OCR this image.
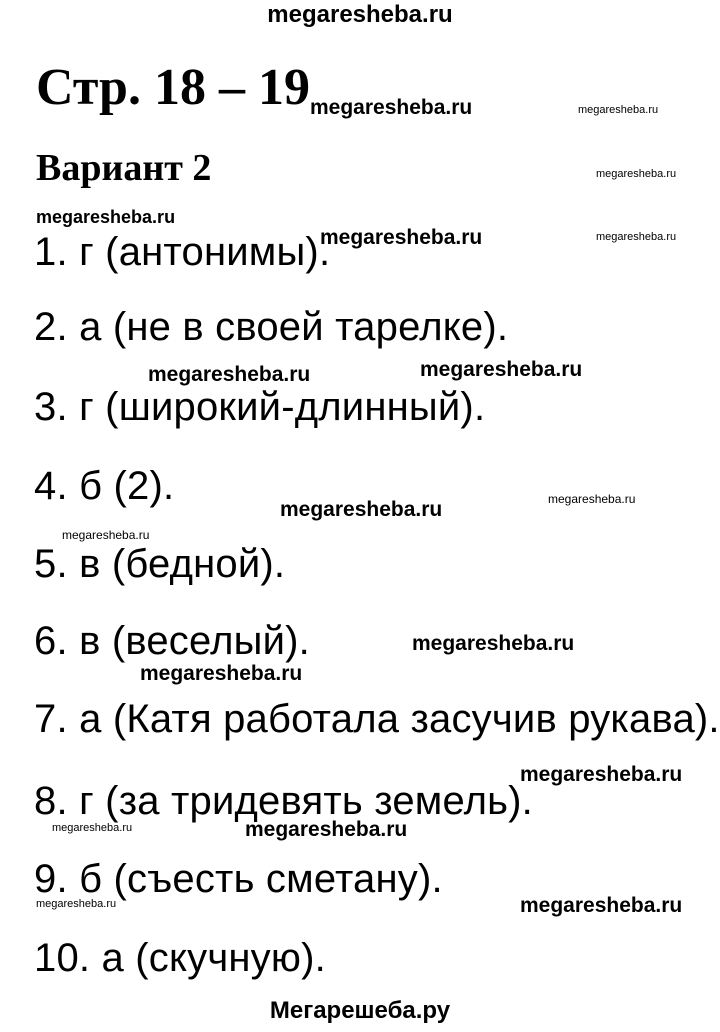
megaresheba.ru
Стр. 18 – 19
Вариант 2
1. г (антонимы).
2. а (не в своей тарелке).
3. г (широкий-длинный).
4. б (2).
5. в (бедной).
6. в (веселый).
7. а (Катя работала засучив рукава).
8. г (за тридевять земель).
9. б (съесть сметану).
10. а (скучную).
megaresheba.ru	megaresheba.ru
megaresheba.ru
megaresheba.ru
megaresheba.ru	megaresheba.ru
megaresheba.ru	megaresheba.ru
megaresheba.ru
megaresheba.ru
megaresheba.ru
megaresheba.ru
megaresheba.ru
megaresheba.ru
megaresheba.ru	megaresheba.ru
megaresheba.ru	megaresheba.ru
Мегарешеба.ру
